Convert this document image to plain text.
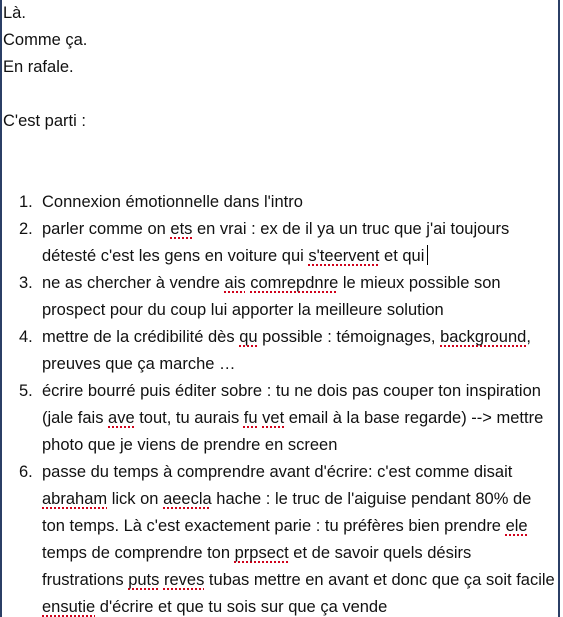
Là.
Comme ça.
En rafale.
C'est parti :
1. Connexion émotionnelle dans l'intro
2. parler comme on ets en vrai : ex de il ya un truc que j'ai toujours détesté c'est les gens en voiture qui s'teervent et qui
3. ne as chercher à vendre ais comrepdnre le mieux possible son prospect pour du coup lui apporter la meilleure solution
4. mettre de la crédibilité dès qu possible : témoignages, background, preuves que ça marche …
5. écrire bourré puis éditer sobre : tu ne dois pas couper ton inspiration (jale fais ave tout, tu aurais fu vet email à la base regarde) --> mettre photo que je viens de prendre en screen
6. passe du temps à comprendre avant d'écrire: c'est comme disait abraham lick on aeecla hache : le truc de l'aiguise pendant 80% de ton temps. Là c'est exactement parie : tu préfères bien prendre ele temps de comprendre ton prpsect et de savoir quels désirs frustrations puts reves tubas mettre en avant et donc que ça soit facile ensutie d'écrire et que tu sois sur que ça vende
